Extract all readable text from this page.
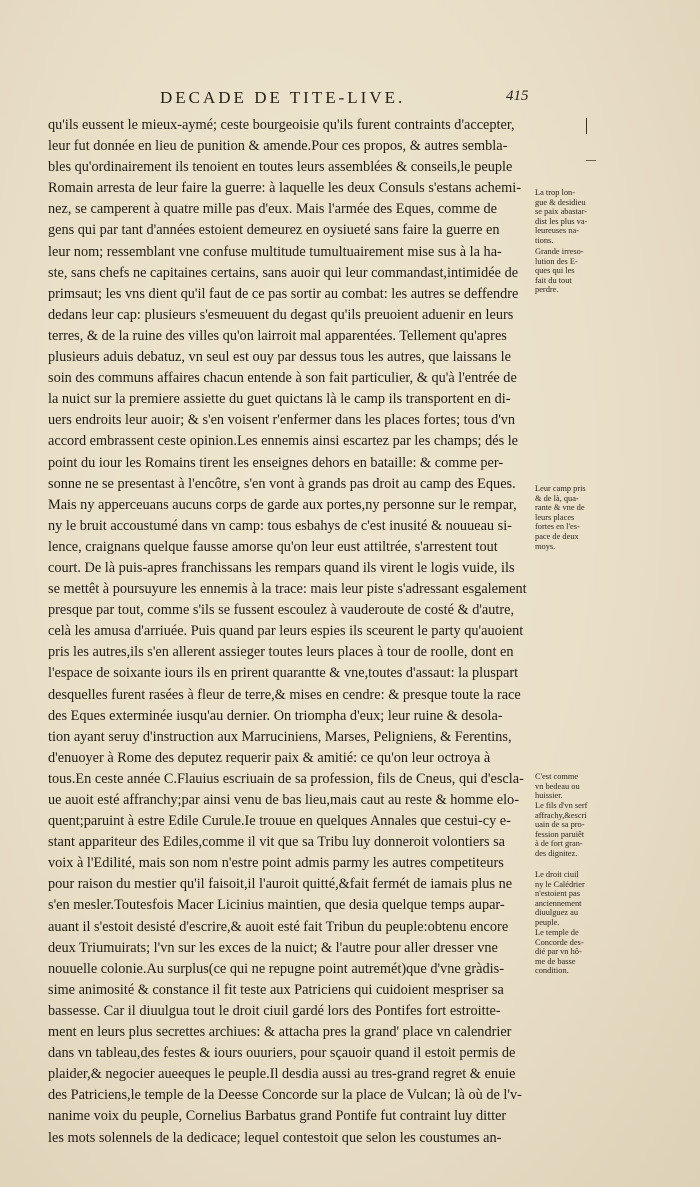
DECADE DE TITE-LIVE.	415
qu'ils eussent le mieux-aymé; ceste bourgeoisie qu'ils furent contraints d'accepter,
leur fut donnée en lieu de punition & amende.Pour ces propos, & autres sembla-
bles qu'ordinairement ils tenoient en toutes leurs assemblées & conseils,le peuple
Romain arresta de leur faire la guerre: à laquelle les deux Consuls s'estans achemi-
nez, se camperent à quatre mille pas d'eux. Mais l'armée des Eques, comme de
gens qui par tant d'années estoient demeurez en oysiueté sans faire la guerre en
leur nom; ressemblant vne confuse multitude tumultuairement mise sus à la ha-
ste, sans chefs ne capitaines certains, sans auoir qui leur commandast,intimidée de
primsaut; les vns dient qu'il faut de ce pas sortir au combat: les autres se deffendre
dedans leur cap: plusieurs s'esmeuuent du degast qu'ils preuoient aduenir en leurs
terres, & de la ruine des villes qu'on lairroit mal apparentées. Tellement qu'apres
plusieurs aduis debatuz, vn seul est ouy par dessus tous les autres, que laissans le
soin des communs affaires chacun entende à son fait particulier, & qu'à l'entrée de
la nuict sur la premiere assiette du guet quictans là le camp ils transportent en di-
uers endroits leur auoir; & s'en voisent r'enfermer dans les places fortes; tous d'vn
accord embrassent ceste opinion.Les ennemis ainsi escartez par les champs; dés le
point du iour les Romains tirent les enseignes dehors en bataille: & comme per-
sonne ne se presentast à l'encôtre, s'en vont à grands pas droit au camp des Eques.
Mais ny apperceuans aucuns corps de garde aux portes,ny personne sur le rempar,
ny le bruit accoustumé dans vn camp: tous esbahys de c'est inusité & nouueau si-
lence, craignans quelque fausse amorse qu'on leur eust attiltrée, s'arrestent tout
court. De là puis-apres franchissans les rempars quand ils virent le logis vuide, ils
se mettêt à poursuyure les ennemis à la trace: mais leur piste s'adressant esgalement
presque par tout, comme s'ils se fussent escoulez à vauderoute de costé & d'autre,
celà les amusa d'arriuée. Puis quand par leurs espies ils sceurent le party qu'auoient
pris les autres,ils s'en allerent assieger toutes leurs places à tour de roolle, dont en
l'espace de soixante iours ils en prirent quarantte & vne,toutes d'assaut: la pluspart
desquelles furent rasées à fleur de terre,& mises en cendre: & presque toute la race
des Eques exterminée iusqu'au dernier. On triompha d'eux; leur ruine & desola-
tion ayant seruy d'instruction aux Marruciniens, Marses, Peligniens, & Ferentins,
d'enuoyer à Rome des deputez requerir paix & amitié: ce qu'on leur octroya à
tous.En ceste année C.Flauius escriuain de sa profession, fils de Cneus, qui d'escla-
ue auoit esté affranchy;par ainsi venu de bas lieu,mais caut au reste & homme elo-
quent;paruint à estre Edile Curule.Ie trouue en quelques Annales que cestui-cy e-
stant appariteur des Ediles,comme il vit que sa Tribu luy donneroit volontiers sa
voix à l'Edilité, mais son nom n'estre point admis parmy les autres competiteurs
pour raison du mestier qu'il faisoit,il l'auroit quitté,&fait fermét de iamais plus ne
s'en mesler.Toutesfois Macer Licinius maintien, que desia quelque temps aupar-
auant il s'estoit desisté d'escrire,& auoit esté fait Tribun du peuple:obtenu encore
deux Triumuirats; l'vn sur les exces de la nuict; & l'autre pour aller dresser vne
nouuelle colonie.Au surplus(ce qui ne repugne point autremét)que d'vne gràdis-
sime animosité & constance il fit teste aux Patriciens qui cuidoient mespriser sa
bassesse. Car il diuulgua tout le droit ciuil gardé lors des Pontifes fort estroitte-
ment en leurs plus secrettes archiues: & attacha pres la grand' place vn calendrier
dans vn tableau,des festes & iours ouuriers, pour sçauoir quand il estoit permis de
plaider,& negocier aueeques le peuple.Il desdia aussi au tres-grand regret & enuie
des Patriciens,le temple de la Deesse Concorde sur la place de Vulcan; là où de l'v-
nanime voix du peuple, Cornelius Barbatus grand Pontife fut contraint luy ditter
les mots solennels de la dedicace; lequel contestoit que selon les coustumes an-
La trop lon-
gue & desidieu
se paix abastar-
dist les plus va-
leureuses na-
tions.
Grande irreso-
lution des E-
ques qui les
fait du tout
perdre.
Leur camp pris
& de là, qua-
rante & vne de
leurs places
fortes en l'es-
pace de deux
moys.
C'est comme
vn bedeau ou
huissier.
Le fils d'vn serf
affrachy,&escri
uain de sa pro-
fession paruiêt
à de fort gran-
des dignitez.
Le droit ciuil
ny le Calédrier
n'estoient pas
anciennement
diuulguez au
peuple.
Le temple de
Concorde des-
dié par vn hô-
me de basse
condition.
